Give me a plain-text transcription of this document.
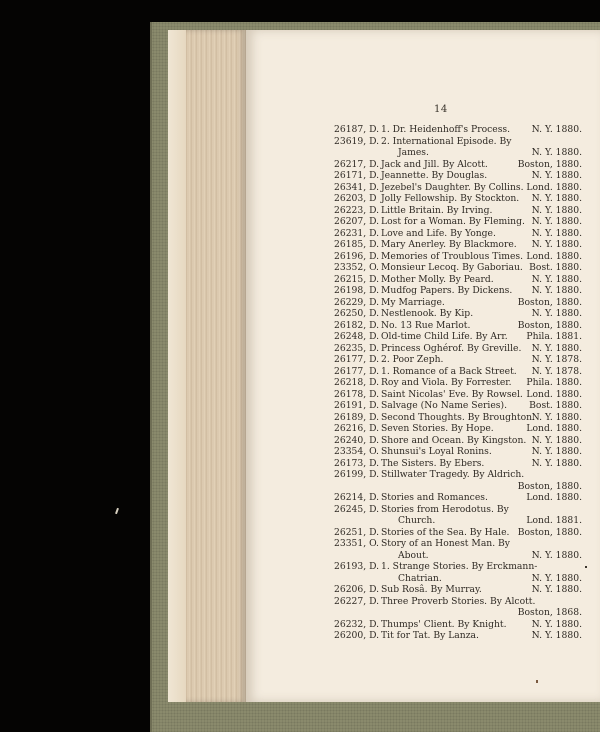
14
26187, D. 1. Dr. Heidenhoff's Process. N. Y. 1880.
23619, D. 2. International Episode. By
James.	N. Y. 1880.
26217, D. Jack and Jill. By Alcott.	Boston, 1880.
26171, D. Jeannette. By Douglas.	N. Y. 1880.
26341, D. Jezebel's Daughter. By Collins. Lond. 1880.
26203, D Jolly Fellowship. By Stockton. N. Y. 1880.
26223, D. Little Britain. By Irving.	N. Y. 1880.
26207, D. Lost for a Woman. By Fleming. N. Y. 1880.
26231, D. Love and Life. By Yonge.	N. Y. 1880.
26185, D. Mary Anerley. By Blackmore. N. Y. 1880.
26196, D. Memories of Troublous Times. Lond. 1880.
23352, O. Monsieur Lecoq. By Gaboriau. Bost. 1880.
26215, D. Mother Molly. By Peard.	N. Y. 1880.
26198, D. Mudfog Papers. By Dickens. N. Y. 1880.
26229, D. My Marriage.	Boston, 1880.
26250, D. Nestlenook. By Kip.	N. Y. 1880.
26182, D. No. 13 Rue Marlot.	Boston, 1880.
26248, D. Old-time Child Life. By Arr. Phila. 1881.
26235, D. Princess Oghérof. By Greville. N. Y. 1880.
26177, D. 2. Poor Zeph.	N. Y. 1878.
26177, D. 1. Romance of a Back Street. N. Y. 1878.
26218, D. Roy and Viola. By Forrester. Phila. 1880.
26178, D. Saint Nicolas' Eve. By Rowsel. Lond. 1880.
26191, D. Salvage (No Name Series). Bost. 1880.
26189, D. Second Thoughts. By Broughton.
N. Y. 1880.
26216, D. Seven Stories. By Hope.	Lond. 1880.
26240, D. Shore and Ocean. By Kingston. N. Y. 1880.
23354, O. Shunsui's Loyal Ronins.	N. Y. 1880.
26173, D. The Sisters. By Ebers.	N. Y. 1880.
26199, D. Stillwater Tragedy. By Aldrich.
Boston, 1880.
26214, D. Stories and Romances.	Lond. 1880.
26245, D. Stories from Herodotus. By
Church.	Lond. 1881.
26251, D. Stories of the Sea. By Hale. Boston, 1880.
23351, O. Story of an Honest Man. By
About.	N. Y. 1880.
26193, D. 1. Strange Stories. By Erckmann-
Chatrian.	N. Y. 1880.
26206, D. Sub Rosâ. By Murray.	N. Y. 1880.
26227, D. Three Proverb Stories. By Alcott.
Boston, 1868.
26232, D. Thumps' Client. By Knight.	N. Y. 1880.
26200, D. Tit for Tat. By Lanza.	N. Y. 1880.
